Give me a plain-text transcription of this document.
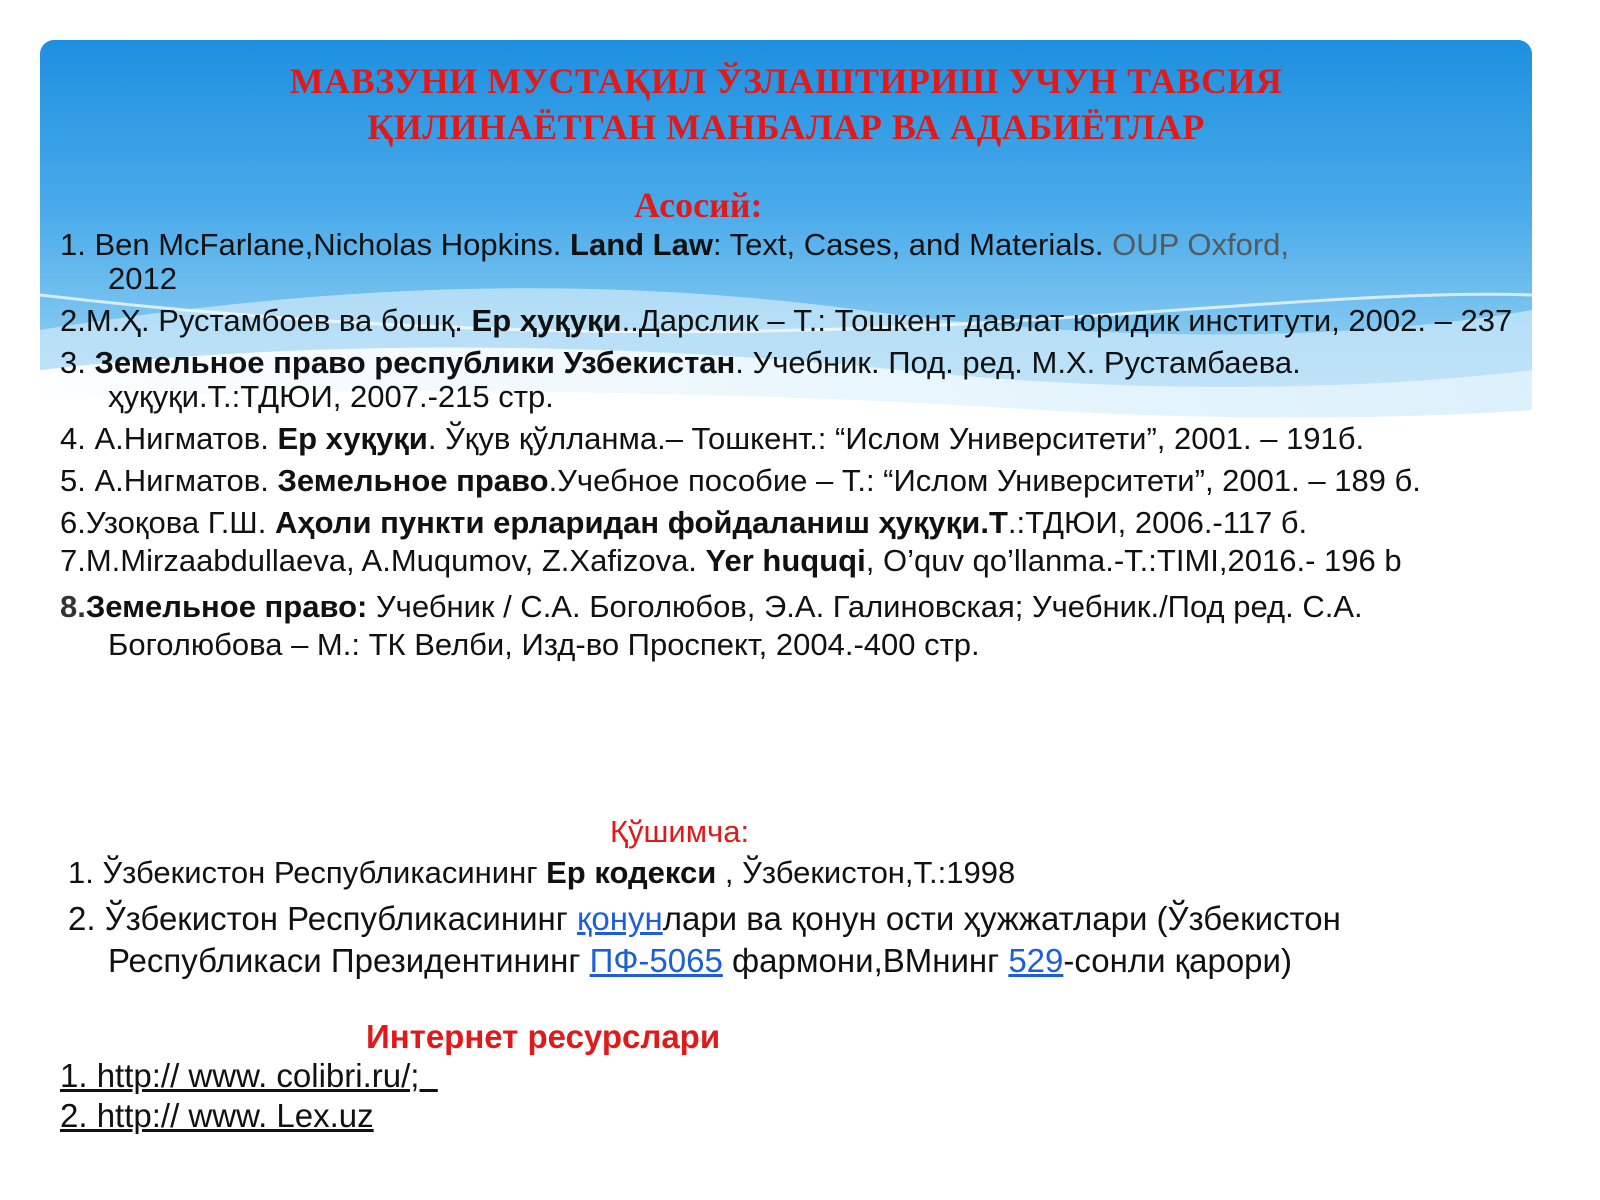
МАВЗУНИ МУСТАҚИЛ ЎЗЛАШТИРИШ УЧУН ТАВСИЯ
ҚИЛИНАЁТГАН МАНБАЛАР ВА АДАБИЁТЛАР
Асосий:
1. Ben McFarlane,Nicholas Hopkins. Land Law: Text, Cases, and Materials. OUP Oxford,
2012
2.М.Ҳ. Рустамбоев ва бошқ. Ер ҳуқуқи..Дарслик – Т.: Тошкент давлат юридик институти, 2002. – 237
3. Земельное право республики Узбекистан. Учебник. Под. ред. М.Х. Рустамбаева. ҳуқуқи.Т.:ТДЮИ, 2007.-215 стр.
4. А.Нигматов. Ер хуқуқи. Ўқув қўлланма.– Тошкент.: “Ислом Университети”, 2001. – 191б.
5. А.Нигматов. Земельное право.Учебное пособие – Т.: “Ислом Университети”, 2001. – 189 б.
6.Узоқова Г.Ш. Аҳоли пункти ерларидан фойдаланиш ҳуқуқи.Т.:ТДЮИ, 2006.-117 б.
7.M.Mirzaabdullaeva, A.Muqumov, Z.Xafizova. Yer huquqi, O’quv qo’llanma.-T.:TIMI,2016.- 196 b
8.Земельное право: Учебник / С.А. Боголюбов, Э.А. Галиновская; Учебник./Под ред. С.А. Боголюбова – М.: ТК Велби, Изд-во Проспект, 2004.-400 стр.
Қўшимча:
1. Ўзбекистон Республикасининг Ер кодекси , Ўзбекистон,Т.:1998
2. Ўзбекистон Республикасининг қонунлари ва қонун ости ҳужжатлари (Ўзбекистон Республикаси Президентининг ПФ-5065 фармони,ВМнинг 529-сонли қарори)
Интернет ресурслари
1. http:// www. colibri.ru/;
2. http:// www. Lex.uz
